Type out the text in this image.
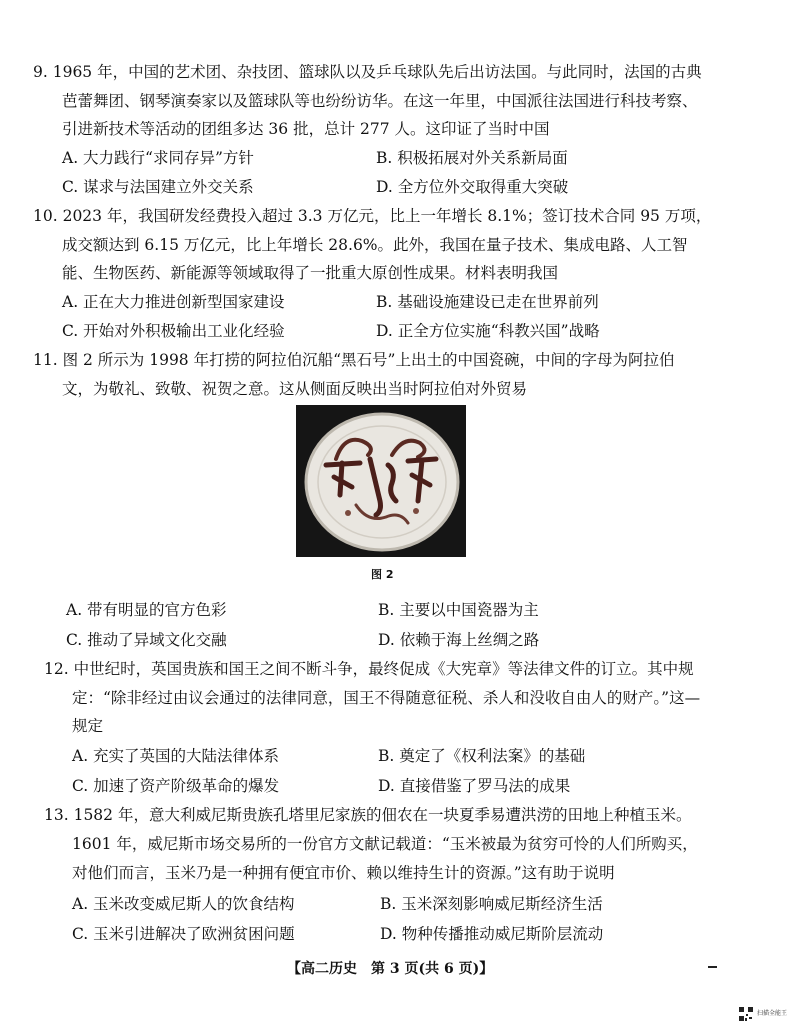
9. 1965 年，中国的艺术团、杂技团、篮球队以及乒乓球队先后出访法国。与此同时，法国的古典
芭蕾舞团、钢琴演奏家以及篮球队等也纷纷访华。在这一年里，中国派往法国进行科技考察、
引进新技术等活动的团组多达 36 批，总计 277 人。这印证了当时中国
A. 大力践行“求同存异”方针	B. 积极拓展对外关系新局面
C. 谋求与法国建立外交关系	D. 全方位外交取得重大突破
10. 2023 年，我国研发经费投入超过 3.3 万亿元，比上一年增长 8.1%；签订技术合同 95 万项，
成交额达到 6.15 万亿元，比上年增长 28.6%。此外，我国在量子技术、集成电路、人工智
能、生物医药、新能源等领域取得了一批重大原创性成果。材料表明我国
A. 正在大力推进创新型国家建设	B. 基础设施建设已走在世界前列
C. 开始对外积极输出工业化经验	D. 正全方位实施“科教兴国”战略
11. 图 2 所示为 1998 年打捞的阿拉伯沉船“黑石号”上出土的中国瓷碗，中间的字母为阿拉伯
文，为敬礼、致敬、祝贺之意。这从侧面反映出当时阿拉伯对外贸易
图 2
A. 带有明显的官方色彩	B. 主要以中国瓷器为主
C. 推动了异域文化交融	D. 依赖于海上丝绸之路
12. 中世纪时，英国贵族和国王之间不断斗争，最终促成《大宪章》等法律文件的订立。其中规
定：“除非经过由议会通过的法律同意，国王不得随意征税、杀人和没收自由人的财产。”这—
规定
A. 充实了英国的大陆法律体系	B. 奠定了《权利法案》的基础
C. 加速了资产阶级革命的爆发	D. 直接借鉴了罗马法的成果
13. 1582 年，意大利威尼斯贵族孔塔里尼家族的佃农在一块夏季易遭洪涝的田地上种植玉米。
1601 年，威尼斯市场交易所的一份官方文献记载道：“玉米被最为贫穷可怜的人们所购买，
对他们而言，玉米乃是一种拥有便宜市价、赖以维持生计的资源。”这有助于说明
A. 玉米改变威尼斯人的饮食结构	B. 玉米深刻影响威尼斯经济生活
C. 玉米引进解决了欧洲贫困问题	D. 物种传播推动威尼斯阶层流动
【高二历史　第 3 页(共 6 页)】
扫描全能王
